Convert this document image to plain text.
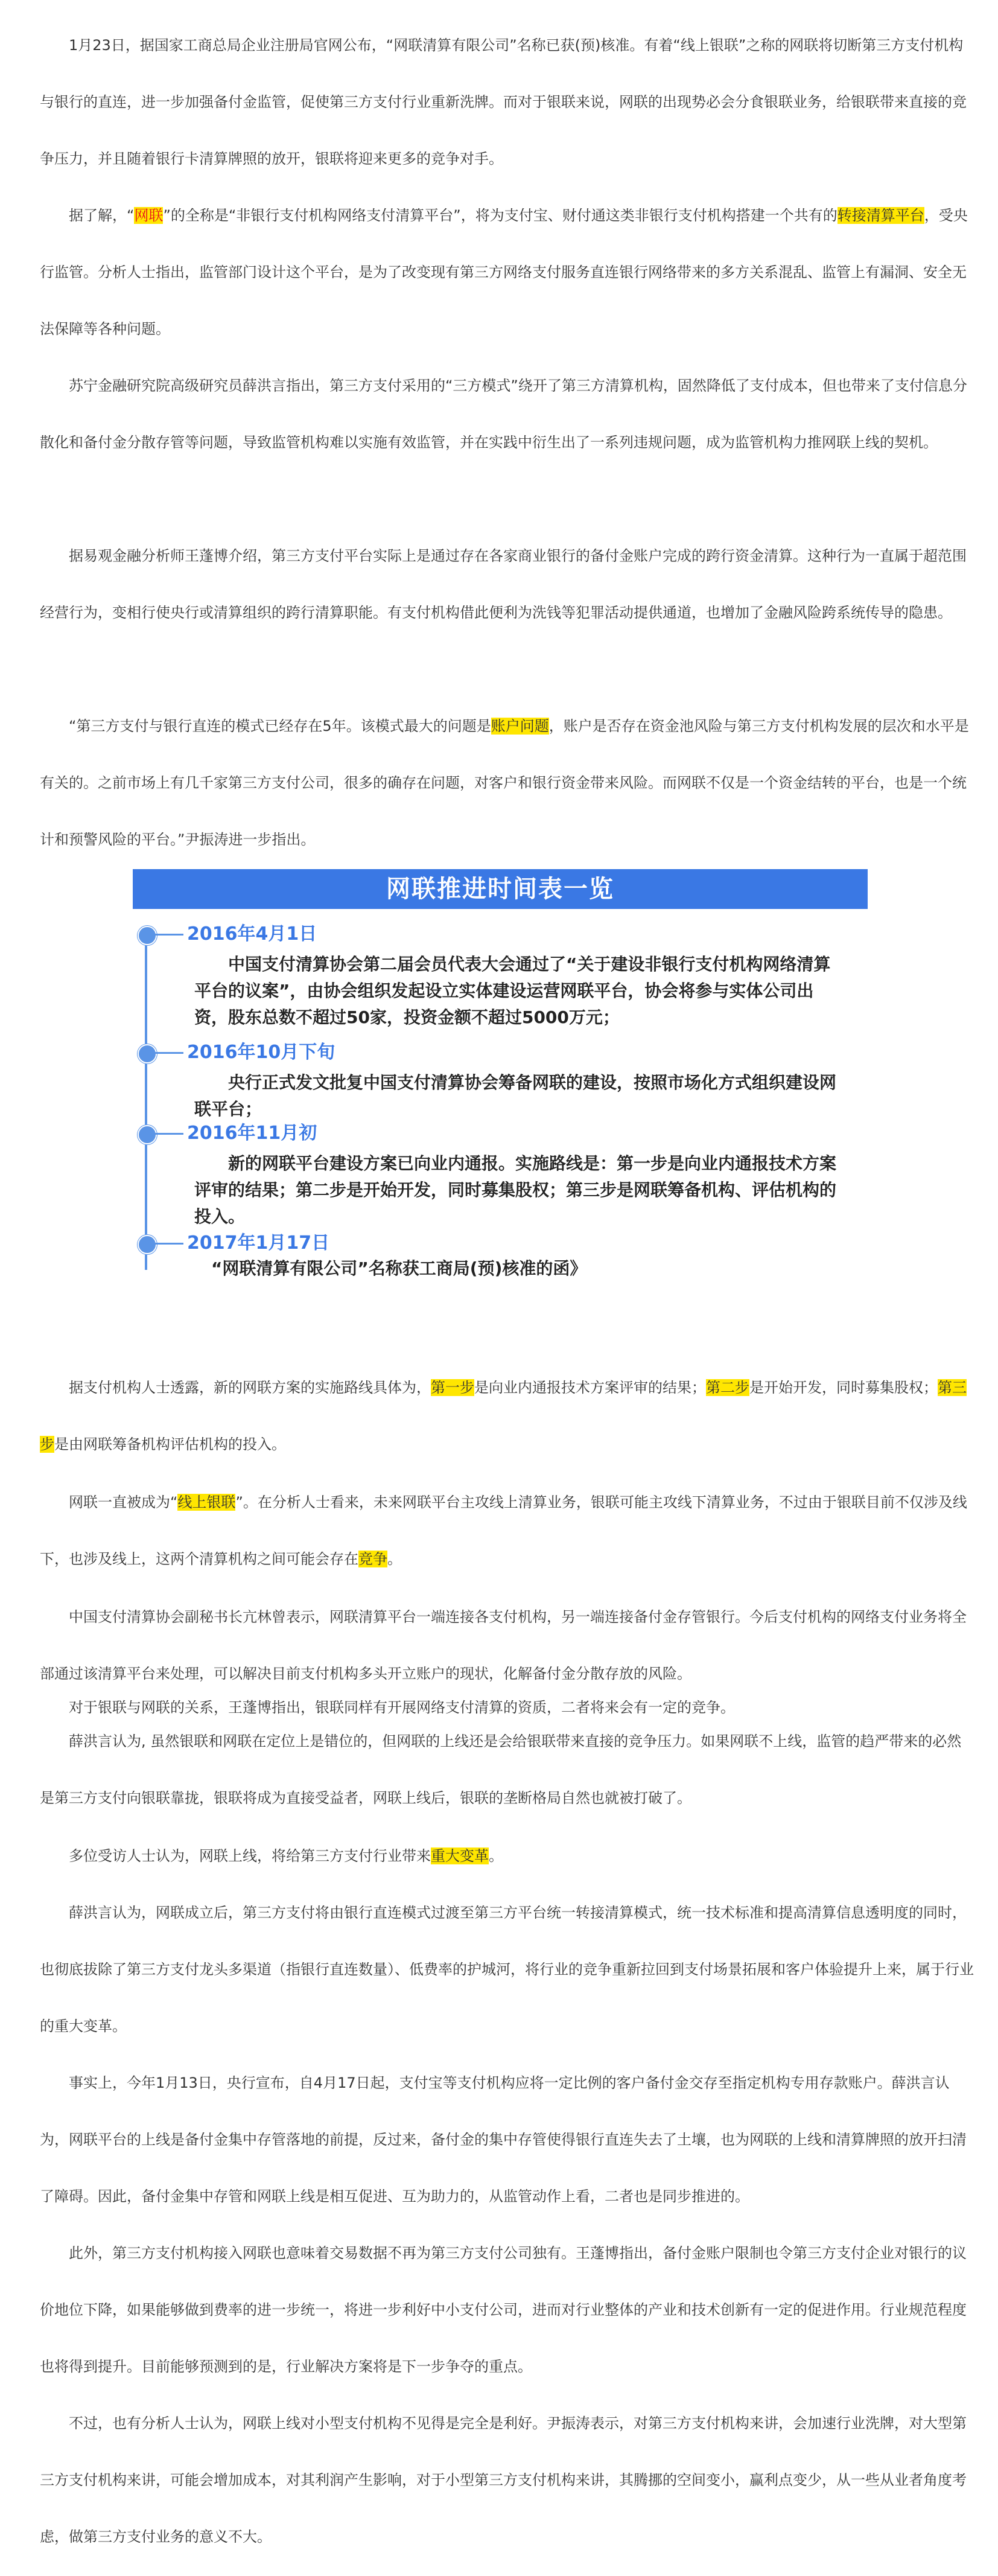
1月23日，据国家工商总局企业注册局官网公布，“网联清算有限公司”名称已获(预)核准。有着“线上银联”之称的网联将切断第三方支付机构与银行的直连，进一步加强备付金监管，促使第三方支付行业重新洗牌。而对于银联来说，网联的出现势必会分食银联业务，给银联带来直接的竞争压力，并且随着银行卡清算牌照的放开，银联将迎来更多的竞争对手。

据了解，“网联”的全称是“非银行支付机构网络支付清算平台”，将为支付宝、财付通这类非银行支付机构搭建一个共有的转接清算平台，受央行监管。分析人士指出，监管部门设计这个平台，是为了改变现有第三方网络支付服务直连银行网络带来的多方关系混乱、监管上有漏洞、安全无法保障等各种问题。

苏宁金融研究院高级研究员薛洪言指出，第三方支付采用的“三方模式”绕开了第三方清算机构，固然降低了支付成本，但也带来了支付信息分散化和备付金分散存管等问题，导致监管机构难以实施有效监管，并在实践中衍生出了一系列违规问题，成为监管机构力推网联上线的契机。

据易观金融分析师王蓬博介绍，第三方支付平台实际上是通过存在各家商业银行的备付金账户完成的跨行资金清算。这种行为一直属于超范围经营行为，变相行使央行或清算组织的跨行清算职能。有支付机构借此便利为洗钱等犯罪活动提供通道，也增加了金融风险跨系统传导的隐患。

“第三方支付与银行直连的模式已经存在5年。该模式最大的问题是账户问题，账户是否存在资金池风险与第三方支付机构发展的层次和水平是有关的。之前市场上有几千家第三方支付公司，很多的确存在问题，对客户和银行资金带来风险。而网联不仅是一个资金结转的平台，也是一个统计和预警风险的平台。”尹振涛进一步指出。

网联推进时间表一览
2016年4月1日
中国支付清算协会第二届会员代表大会通过了“关于建设非银行支付机构网络清算平台的议案”，由协会组织发起设立实体建设运营网联平台，协会将参与实体公司出资，股东总数不超过50家，投资金额不超过5000万元；
2016年10月下旬
央行正式发文批复中国支付清算协会筹备网联的建设，按照市场化方式组织建设网联平台；
2016年11月初
新的网联平台建设方案已向业内通报。实施路线是：第一步是向业内通报技术方案评审的结果；第二步是开始开发，同时募集股权；第三步是网联筹备机构、评估机构的投入。
2017年1月17日
“网联清算有限公司”名称获工商局(预)核准的函》

据支付机构人士透露，新的网联方案的实施路线具体为，第一步是向业内通报技术方案评审的结果；第二步是开始开发，同时募集股权；第三步是由网联筹备机构评估机构的投入。

网联一直被成为“线上银联”。在分析人士看来，未来网联平台主攻线上清算业务，银联可能主攻线下清算业务，不过由于银联目前不仅涉及线下，也涉及线上，这两个清算机构之间可能会存在竞争。

中国支付清算协会副秘书长亢林曾表示，网联清算平台一端连接各支付机构，另一端连接备付金存管银行。今后支付机构的网络支付业务将全部通过该清算平台来处理，可以解决目前支付机构多头开立账户的现状，化解备付金分散存放的风险。

对于银联与网联的关系，王蓬博指出，银联同样有开展网络支付清算的资质，二者将来会有一定的竞争。

薛洪言认为, 虽然银联和网联在定位上是错位的，但网联的上线还是会给银联带来直接的竞争压力。如果网联不上线，监管的趋严带来的必然是第三方支付向银联靠拢，银联将成为直接受益者，网联上线后，银联的垄断格局自然也就被打破了。

多位受访人士认为，网联上线，将给第三方支付行业带来重大变革。

薛洪言认为，网联成立后，第三方支付将由银行直连模式过渡至第三方平台统一转接清算模式，统一技术标准和提高清算信息透明度的同时，也彻底拔除了第三方支付龙头多渠道（指银行直连数量）、低费率的护城河，将行业的竞争重新拉回到支付场景拓展和客户体验提升上来，属于行业的重大变革。

事实上，今年1月13日，央行宣布，自4月17日起，支付宝等支付机构应将一定比例的客户备付金交存至指定机构专用存款账户。薛洪言认为，网联平台的上线是备付金集中存管落地的前提，反过来，备付金的集中存管使得银行直连失去了土壤，也为网联的上线和清算牌照的放开扫清了障碍。因此，备付金集中存管和网联上线是相互促进、互为助力的，从监管动作上看，二者也是同步推进的。

此外，第三方支付机构接入网联也意味着交易数据不再为第三方支付公司独有。王蓬博指出，备付金账户限制也令第三方支付企业对银行的议价地位下降，如果能够做到费率的进一步统一，将进一步利好中小支付公司，进而对行业整体的产业和技术创新有一定的促进作用。行业规范程度也将得到提升。目前能够预测到的是，行业解决方案将是下一步争夺的重点。

不过，也有分析人士认为，网联上线对小型支付机构不见得是完全是利好。尹振涛表示，对第三方支付机构来讲，会加速行业洗牌，对大型第三方支付机构来讲，可能会增加成本，对其利润产生影响，对于小型第三方支付机构来讲，其腾挪的空间变小，赢利点变少，从一些从业者角度考虑，做第三方支付业务的意义不大。
